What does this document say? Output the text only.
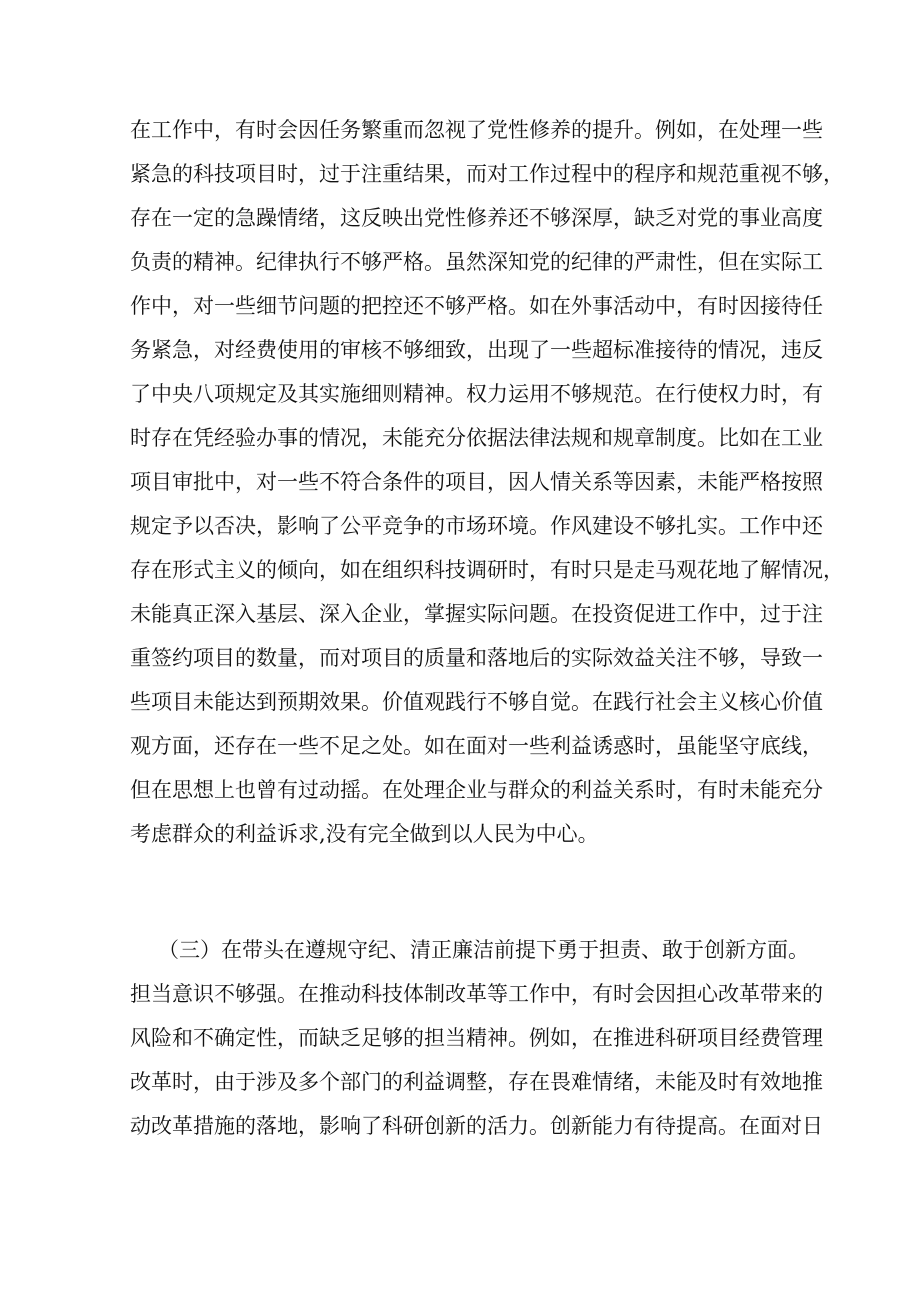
在工作中，有时会因任务繁重而忽视了党性修养的提升。例如，在处理一些
紧急的科技项目时，过于注重结果，而对工作过程中的程序和规范重视不够，
存在一定的急躁情绪，这反映出党性修养还不够深厚，缺乏对党的事业高度
负责的精神。纪律执行不够严格。虽然深知党的纪律的严肃性，但在实际工
作中，对一些细节问题的把控还不够严格。如在外事活动中，有时因接待任
务紧急，对经费使用的审核不够细致，出现了一些超标准接待的情况，违反
了中央八项规定及其实施细则精神。权力运用不够规范。在行使权力时，有
时存在凭经验办事的情况，未能充分依据法律法规和规章制度。比如在工业
项目审批中，对一些不符合条件的项目，因人情关系等因素，未能严格按照
规定予以否决，影响了公平竞争的市场环境。作风建设不够扎实。工作中还
存在形式主义的倾向，如在组织科技调研时，有时只是走马观花地了解情况，
未能真正深入基层、深入企业，掌握实际问题。在投资促进工作中，过于注
重签约项目的数量，而对项目的质量和落地后的实际效益关注不够，导致一
些项目未能达到预期效果。价值观践行不够自觉。在践行社会主义核心价值
观方面，还存在一些不足之处。如在面对一些利益诱惑时，虽能坚守底线，
但在思想上也曾有过动摇。在处理企业与群众的利益关系时，有时未能充分
考虑群众的利益诉求,没有完全做到以人民为中心。
（三）在带头在遵规守纪、清正廉洁前提下勇于担责、敢于创新方面。
担当意识不够强。在推动科技体制改革等工作中，有时会因担心改革带来的
风险和不确定性，而缺乏足够的担当精神。例如，在推进科研项目经费管理
改革时，由于涉及多个部门的利益调整，存在畏难情绪，未能及时有效地推
动改革措施的落地，影响了科研创新的活力。创新能力有待提高。在面对日
